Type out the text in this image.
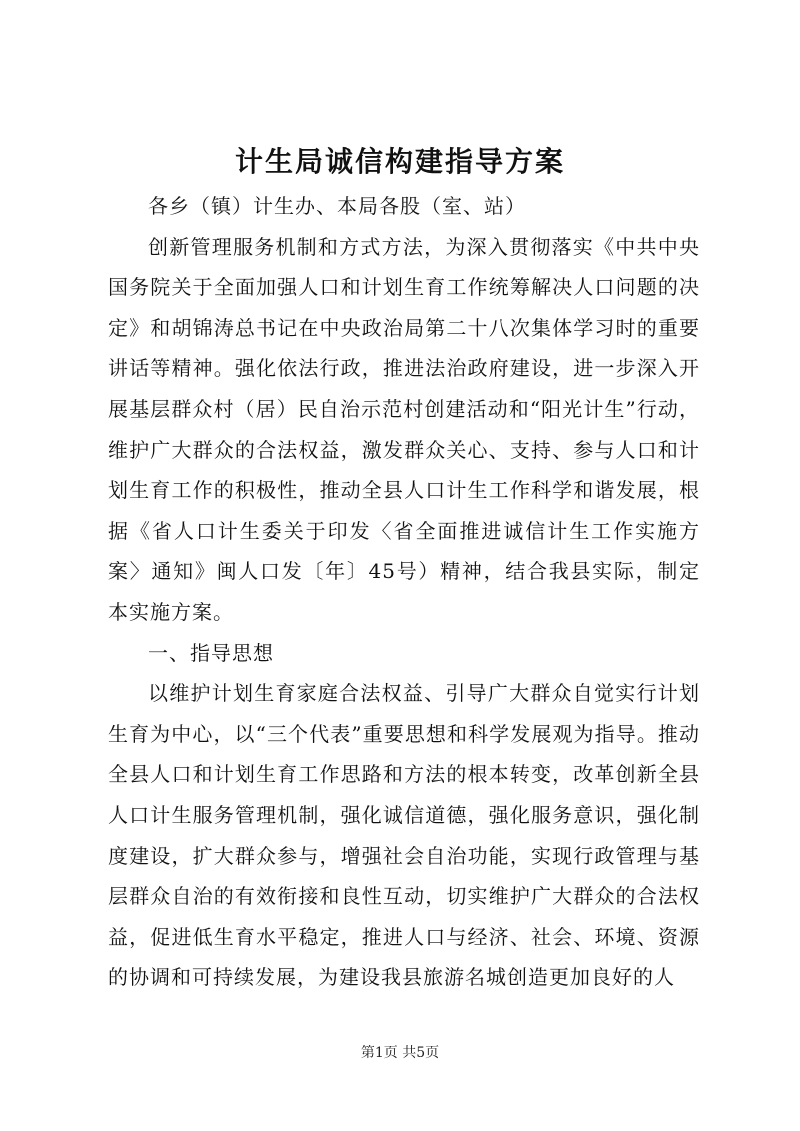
计生局诚信构建指导方案

各乡（镇）计生办、本局各股（室、站）

创新管理服务机制和方式方法，为深入贯彻落实《中共中央国务院关于全面加强人口和计划生育工作统筹解决人口问题的决定》和胡锦涛总书记在中央政治局第二十八次集体学习时的重要讲话等精神。强化依法行政，推进法治政府建设，进一步深入开展基层群众村（居）民自治示范村创建活动和“阳光计生”行动，维护广大群众的合法权益，激发群众关心、支持、参与人口和计划生育工作的积极性，推动全县人口计生工作科学和谐发展，根据《省人口计生委关于印发〈省全面推进诚信计生工作实施方案〉通知》闽人口发〔年〕45号）精神，结合我县实际，制定本实施方案。

一、指导思想

以维护计划生育家庭合法权益、引导广大群众自觉实行计划生育为中心，以“三个代表”重要思想和科学发展观为指导。推动全县人口和计划生育工作思路和方法的根本转变，改革创新全县人口计生服务管理机制，强化诚信道德，强化服务意识，强化制度建设，扩大群众参与，增强社会自治功能，实现行政管理与基层群众自治的有效衔接和良性互动，切实维护广大群众的合法权益，促进低生育水平稳定，推进人口与经济、社会、环境、资源的协调和可持续发展，为建设我县旅游名城创造更加良好的人

第1页 共5页
